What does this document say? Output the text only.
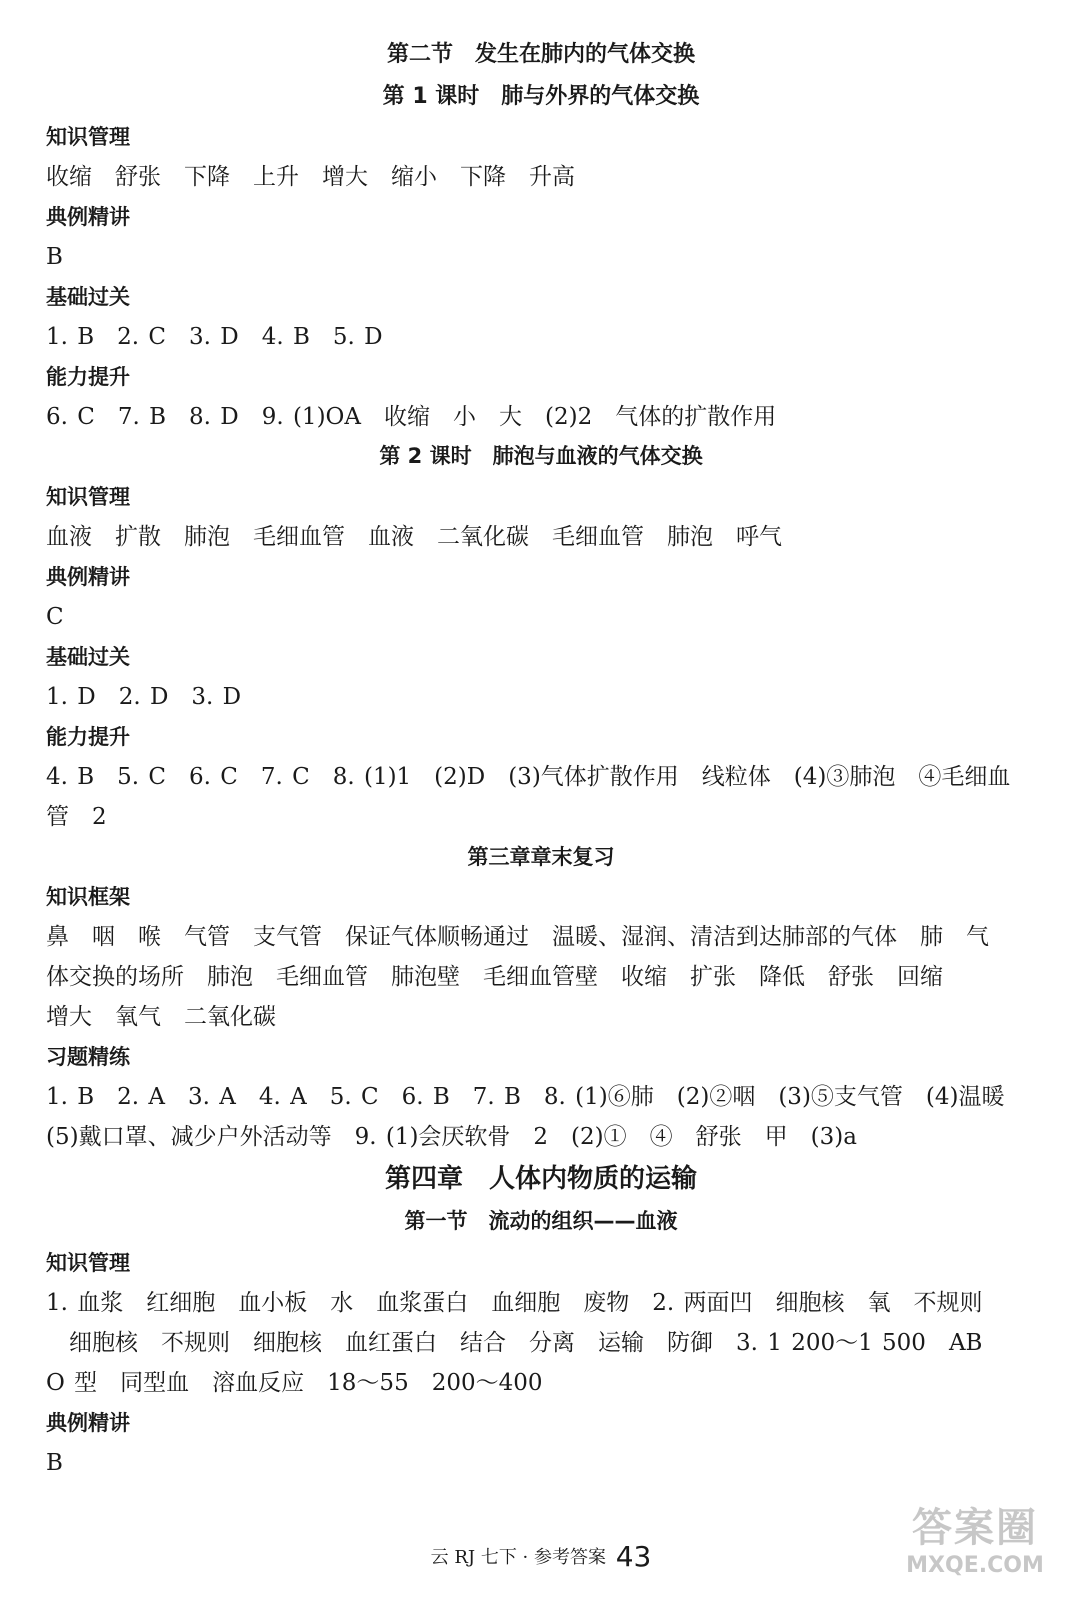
第二节　发生在肺内的气体交换
第 1 课时　肺与外界的气体交换
知识管理
收缩　舒张　下降　上升　增大　缩小　下降　升高
典例精讲
B
基础过关
1. B　2. C　3. D　4. B　5. D
能力提升
6. C　7. B　8. D　9. (1)OA　收缩　小　大　(2)2　气体的扩散作用
第 2 课时　肺泡与血液的气体交换
知识管理
血液　扩散　肺泡　毛细血管　血液　二氧化碳　毛细血管　肺泡　呼气
典例精讲
C
基础过关
1. D　2. D　3. D
能力提升
4. B　5. C　6. C　7. C　8. (1)1　(2)D　(3)气体扩散作用　线粒体　(4)③肺泡　④毛细血
管　2
第三章章末复习
知识框架
鼻　咽　喉　气管　支气管　保证气体顺畅通过　温暖、湿润、清洁到达肺部的气体　肺　气
体交换的场所　肺泡　毛细血管　肺泡壁　毛细血管壁　收缩　扩张　降低　舒张　回缩
增大　氧气　二氧化碳
习题精练
1. B　2. A　3. A　4. A　5. C　6. B　7. B　8. (1)⑥肺　(2)②咽　(3)⑤支气管　(4)温暖
(5)戴口罩、减少户外活动等　9. (1)会厌软骨　2　(2)①　④　舒张　甲　(3)a
第四章　人体内物质的运输
第一节　流动的组织——血液
知识管理
1. 血浆　红细胞　血小板　水　血浆蛋白　血细胞　废物　2. 两面凹　细胞核　氧　不规则
　细胞核　不规则　细胞核　血红蛋白　结合　分离　运输　防御　3. 1 200～1 500　AB
O 型　同型血　溶血反应　18～55　200～400
典例精讲
B
云 RJ 七下 · 参考答案 43
答案圈
MXQE.COM
